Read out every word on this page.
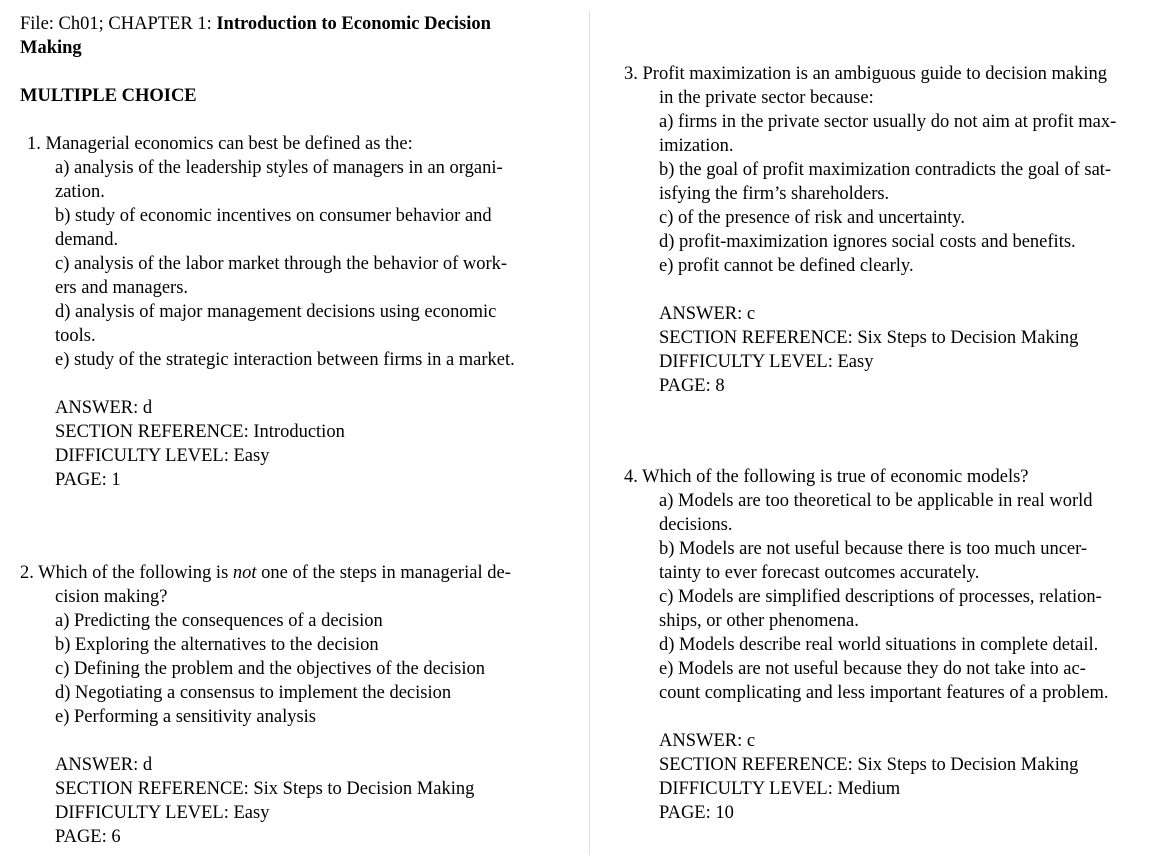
File: Ch01; CHAPTER 1: Introduction to Economic Decision
Making
MULTIPLE CHOICE
1. Managerial economics can best be defined as the:
a) analysis of the leadership styles of managers in an organi-
zation.
b) study of economic incentives on consumer behavior and
demand.
c) analysis of the labor market through the behavior of work-
ers and managers.
d) analysis of major management decisions using economic
tools.
e) study of the strategic interaction between firms in a market.
ANSWER: d
SECTION REFERENCE: Introduction
DIFFICULTY LEVEL: Easy
PAGE: 1
2. Which of the following is not one of the steps in managerial de-
cision making?
a) Predicting the consequences of a decision
b) Exploring the alternatives to the decision
c) Defining the problem and the objectives of the decision
d) Negotiating a consensus to implement the decision
e) Performing a sensitivity analysis
ANSWER: d
SECTION REFERENCE: Six Steps to Decision Making
DIFFICULTY LEVEL: Easy
PAGE: 6
3. Profit maximization is an ambiguous guide to decision making
in the private sector because:
a) firms in the private sector usually do not aim at profit max-
imization.
b) the goal of profit maximization contradicts the goal of sat-
isfying the firm’s shareholders.
c) of the presence of risk and uncertainty.
d) profit-maximization ignores social costs and benefits.
e) profit cannot be defined clearly.
ANSWER: c
SECTION REFERENCE: Six Steps to Decision Making
DIFFICULTY LEVEL: Easy
PAGE: 8
4. Which of the following is true of economic models?
a) Models are too theoretical to be applicable in real world
decisions.
b) Models are not useful because there is too much uncer-
tainty to ever forecast outcomes accurately.
c) Models are simplified descriptions of processes, relation-
ships, or other phenomena.
d) Models describe real world situations in complete detail.
e) Models are not useful because they do not take into ac-
count complicating and less important features of a problem.
ANSWER: c
SECTION REFERENCE: Six Steps to Decision Making
DIFFICULTY LEVEL: Medium
PAGE: 10
